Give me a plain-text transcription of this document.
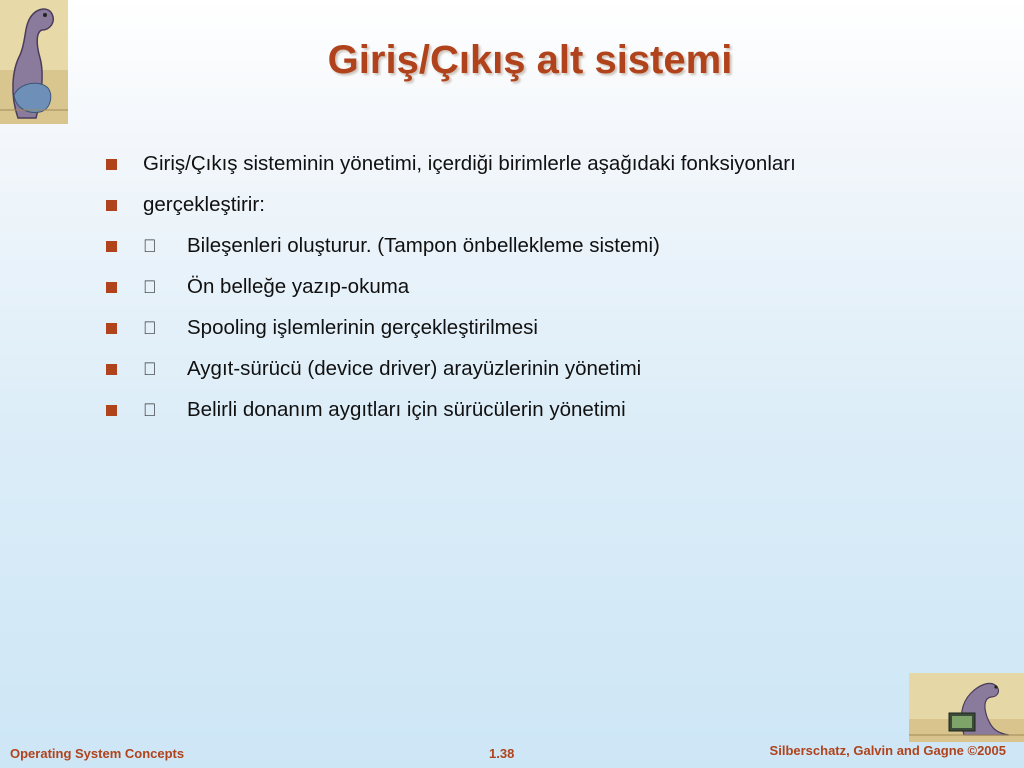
Giriş/Çıkış alt sistemi
Giriş/Çıkış sisteminin yönetimi, içerdiği birimlerle aşağıdaki fonksiyonları
gerçekleştirir:
Bileşenleri oluşturur. (Tampon önbellekleme sistemi)
Ön belleğe yazıp-okuma
Spooling işlemlerinin gerçekleştirilmesi
Aygıt-sürücü (device driver) arayüzlerinin yönetimi
Belirli donanım aygıtları için sürücülerin yönetimi
Operating System Concepts	1.38	Silberschatz, Galvin and Gagne ©2005
